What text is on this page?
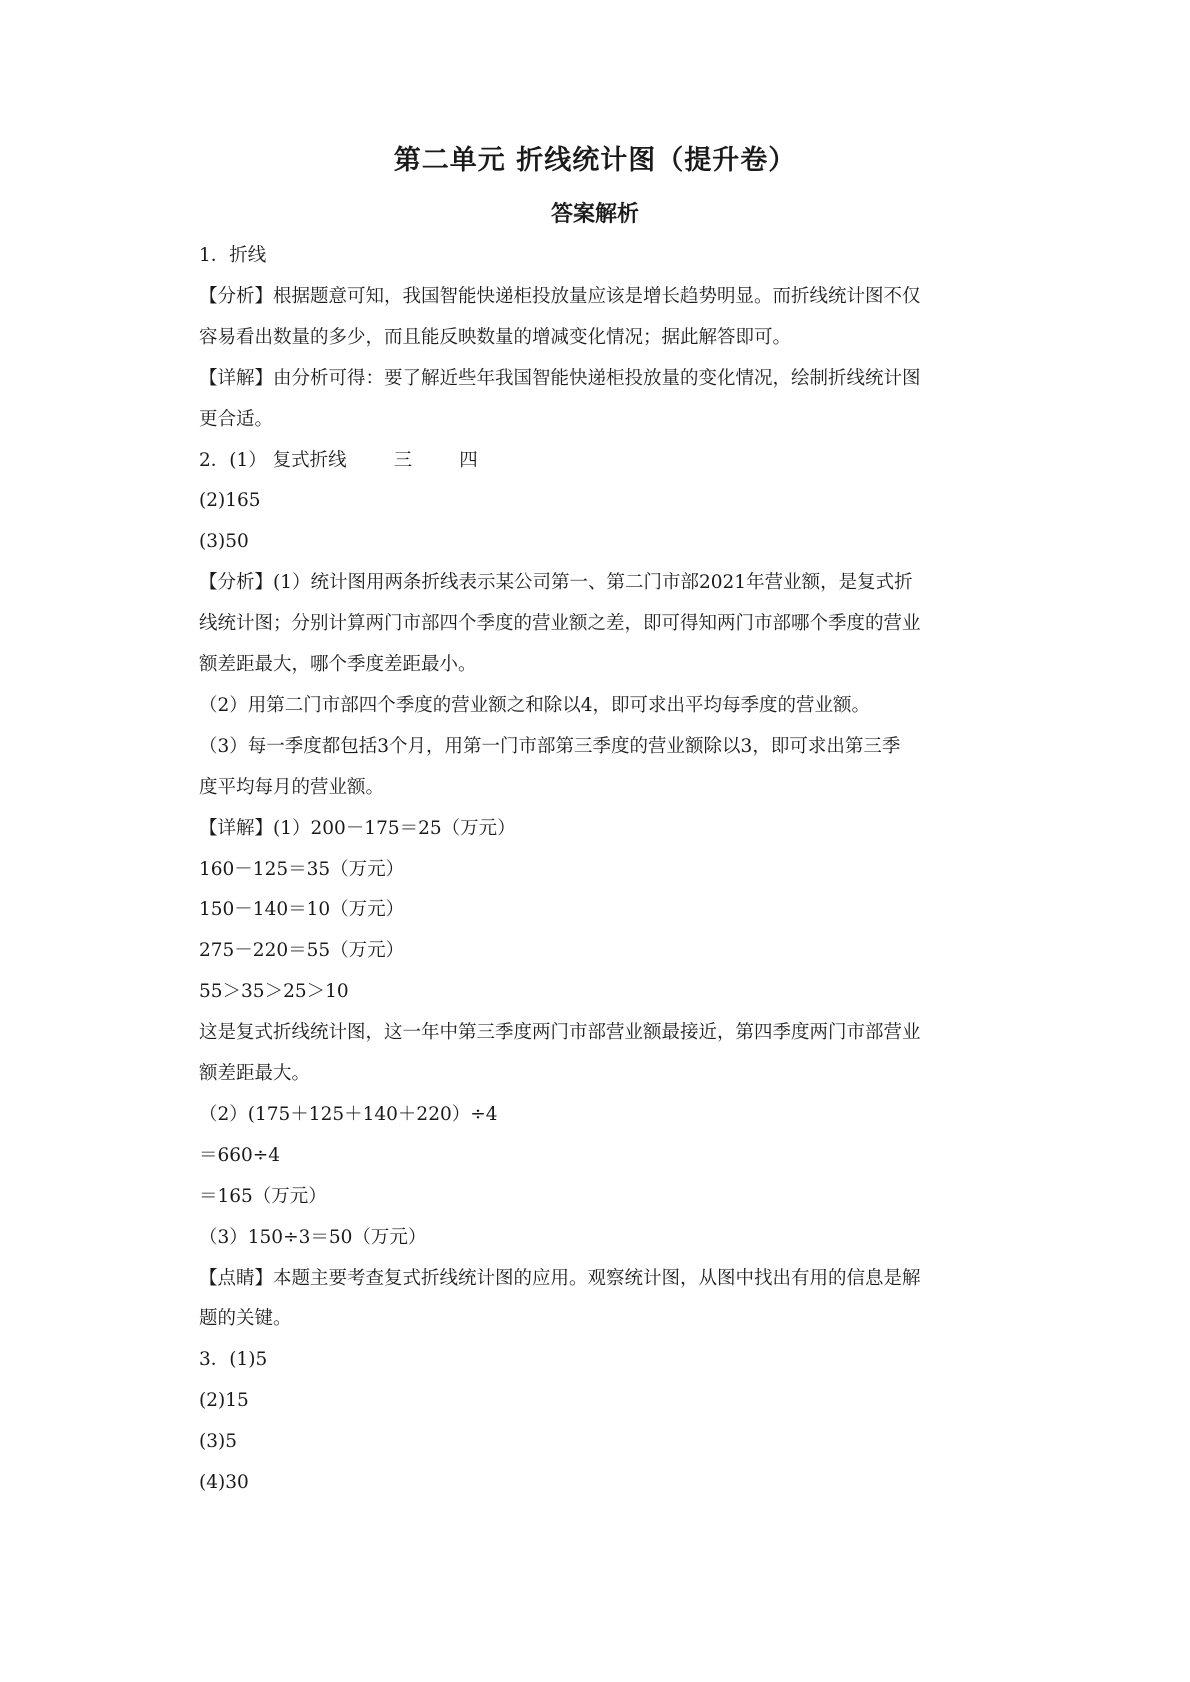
第二单元 折线统计图（提升卷）
答案解析
1．折线
【分析】根据题意可知，我国智能快递柜投放量应该是增长趋势明显。而折线统计图不仅
容易看出数量的多少，而且能反映数量的增减变化情况；据此解答即可。
【详解】由分析可得：要了解近些年我国智能快递柜投放量的变化情况，绘制折线统计图
更合适。
2．(1） 复式折线        三        四
(2)165
(3)50
【分析】(1）统计图用两条折线表示某公司第一、第二门市部2021年营业额，是复式折
线统计图；分别计算两门市部四个季度的营业额之差，即可得知两门市部哪个季度的营业
额差距最大，哪个季度差距最小。
（2）用第二门市部四个季度的营业额之和除以4，即可求出平均每季度的营业额。
（3）每一季度都包括3个月，用第一门市部第三季度的营业额除以3，即可求出第三季
度平均每月的营业额。
【详解】(1）200－175＝25（万元）
160－125＝35（万元）
150－140＝10（万元）
275－220＝55（万元）
55＞35＞25＞10
这是复式折线统计图，这一年中第三季度两门市部营业额最接近，第四季度两门市部营业
额差距最大。
（2）(175＋125＋140＋220）÷4
＝660÷4
＝165（万元）
（3）150÷3＝50（万元）
【点睛】本题主要考查复式折线统计图的应用。观察统计图，从图中找出有用的信息是解
题的关键。
3．(1)5
(2)15
(3)5
(4)30
